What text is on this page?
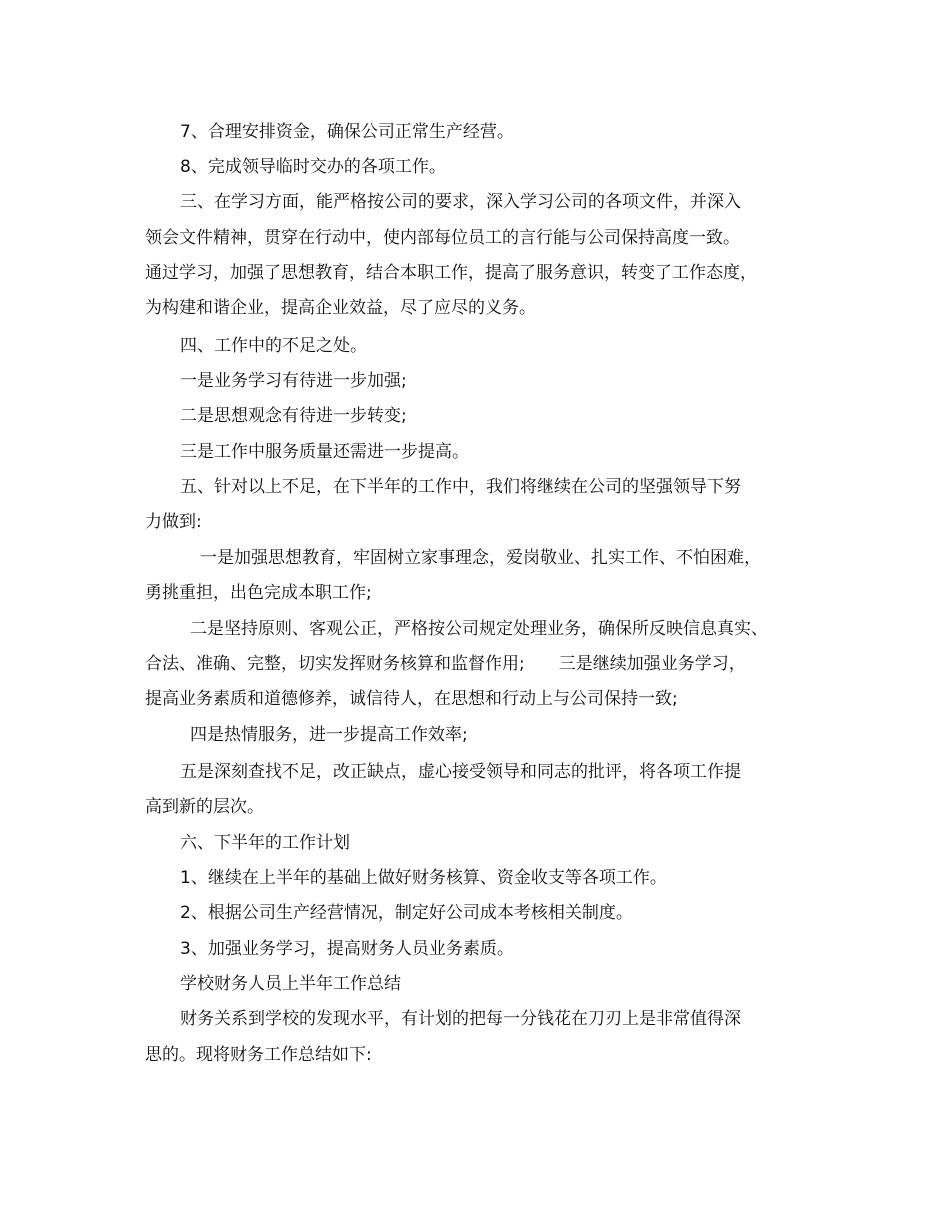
7、合理安排资金，确保公司正常生产经营。
8、完成领导临时交办的各项工作。
三、在学习方面，能严格按公司的要求，深入学习公司的各项文件，并深入
领会文件精神，贯穿在行动中，使内部每位员工的言行能与公司保持高度一致。
通过学习，加强了思想教育，结合本职工作，提高了服务意识，转变了工作态度，
为构建和谐企业，提高企业效益，尽了应尽的义务。
四、工作中的不足之处。
一是业务学习有待进一步加强;
二是思想观念有待进一步转变;
三是工作中服务质量还需进一步提高。
五、针对以上不足，在下半年的工作中，我们将继续在公司的坚强领导下努
力做到:
一是加强思想教育，牢固树立家事理念，爱岗敬业、扎实工作、不怕困难，
勇挑重担，出色完成本职工作;
二是坚持原则、客观公正，严格按公司规定处理业务，确保所反映信息真实、
合法、准确、完整，切实发挥财务核算和监督作用;　　三是继续加强业务学习，
提高业务素质和道德修养，诚信待人，在思想和行动上与公司保持一致;
四是热情服务，进一步提高工作效率;
五是深刻查找不足，改正缺点，虚心接受领导和同志的批评，将各项工作提
高到新的层次。
六、下半年的工作计划
1、继续在上半年的基础上做好财务核算、资金收支等各项工作。
2、根据公司生产经营情况，制定好公司成本考核相关制度。
3、加强业务学习，提高财务人员业务素质。
学校财务人员上半年工作总结
财务关系到学校的发现水平，有计划的把每一分钱花在刀刃上是非常值得深
思的。现将财务工作总结如下:
